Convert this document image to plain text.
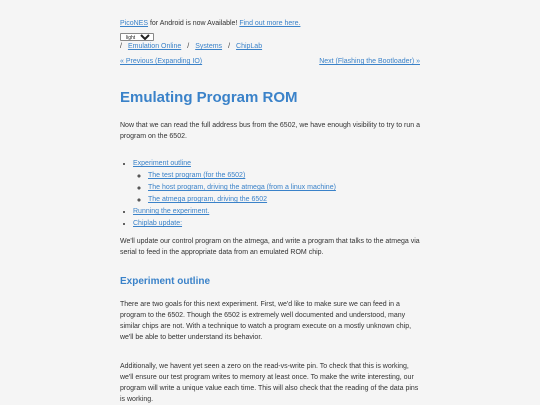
PicoNES for Android is now Available! Find out more here.
light
/ Emulation Online / Systems / ChipLab
« Previous (Expanding IO)	Next (Flashing the Bootloader) »
Emulating Program ROM

Now that we can read the full address bus from the 6502, we have enough visibility to try to run a program on the 6502.

• Experiment outline
◦ The test program (for the 6502)
◦ The host program, driving the atmega (from a linux machine)
◦ The atmega program, driving the 6502
• Running the experiment.
• Chiplab update:

We'll update our control program on the atmega, and write a program that talks to the atmega via serial to feed in the appropriate data from an emulated ROM chip.

Experiment outline

There are two goals for this next experiment. First, we'd like to make sure we can feed in a program to the 6502. Though the 6502 is extremely well documented and understood, many similar chips are not. With a technique to watch a program execute on a mostly unknown chip, we'll be able to better understand its behavior.

Additionally, we havent yet seen a zero on the read-vs-write pin. To check that this is working, we'll ensure our test program writes to memory at least once. To make the write interesting, our program will write a unique value each time. This will also check that the reading of the data pins is working.
